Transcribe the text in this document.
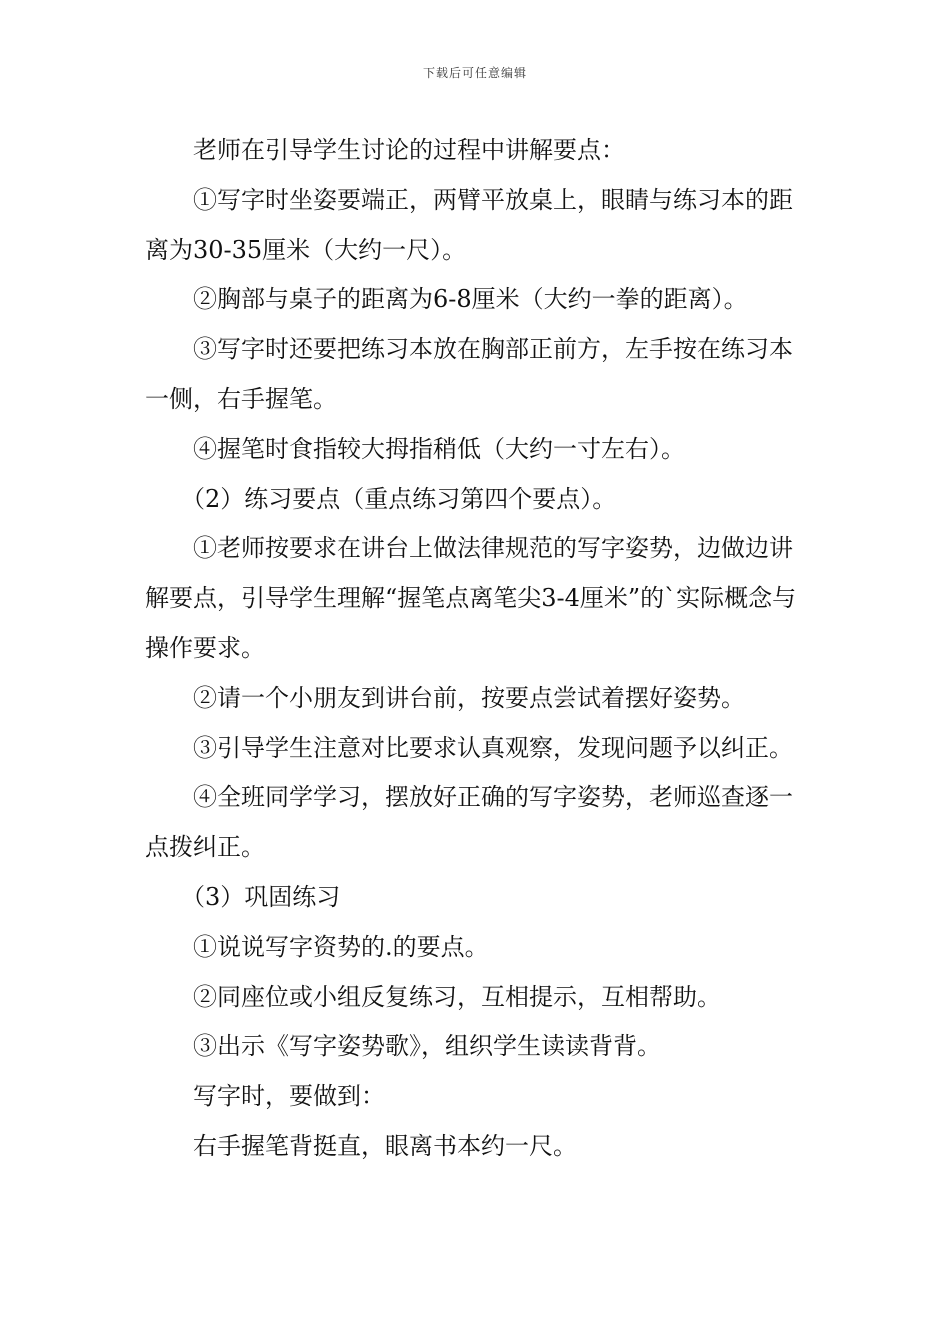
下载后可任意编辑

老师在引导学生讨论的过程中讲解要点：

①写字时坐姿要端正，两臂平放桌上，眼睛与练习本的距离为30-35厘米（大约一尺）。

②胸部与桌子的距离为6-8厘米（大约一拳的距离）。

③写字时还要把练习本放在胸部正前方，左手按在练习本一侧，右手握笔。

④握笔时食指较大拇指稍低（大约一寸左右）。

（2）练习要点（重点练习第四个要点）。

①老师按要求在讲台上做法律规范的写字姿势，边做边讲解要点，引导学生理解“握笔点离笔尖3-4厘米”的`实际概念与操作要求。

②请一个小朋友到讲台前，按要点尝试着摆好姿势。

③引导学生注意对比要求认真观察，发现问题予以纠正。

④全班同学学习，摆放好正确的写字姿势，老师巡查逐一点拨纠正。

（3）巩固练习

①说说写字资势的.的要点。

②同座位或小组反复练习，互相提示，互相帮助。

③出示《写字姿势歌》，组织学生读读背背。

写字时，要做到：

右手握笔背挺直，眼离书本约一尺。
